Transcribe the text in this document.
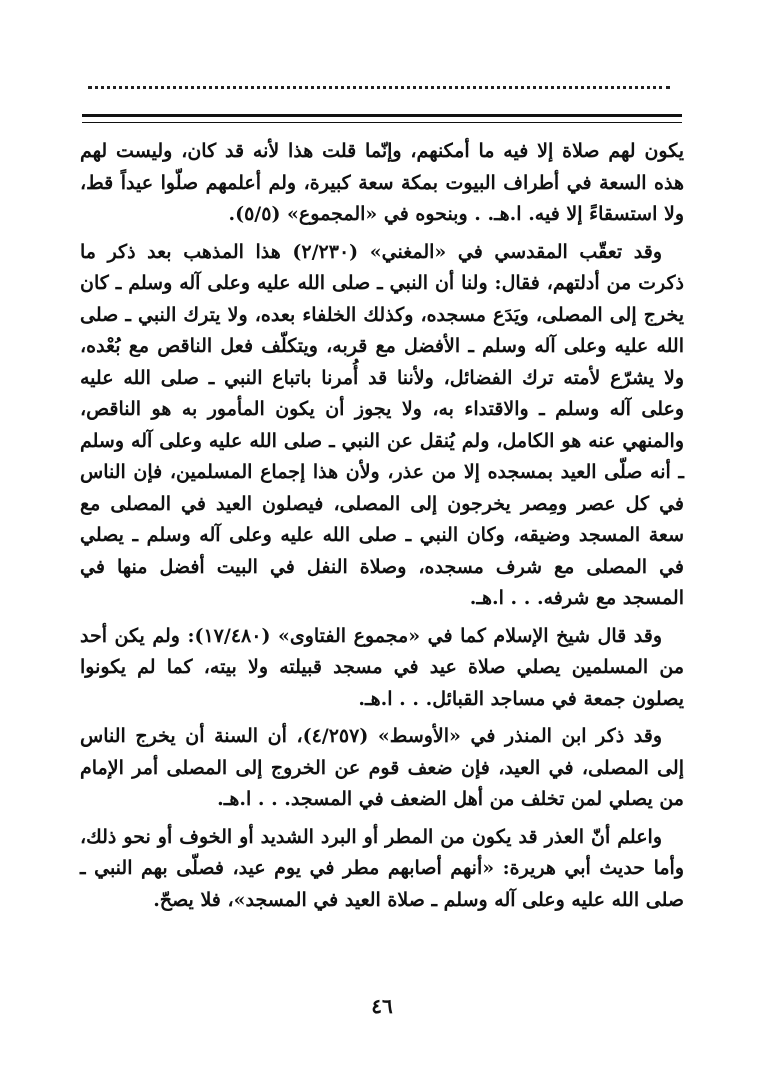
يكون لهم صلاة إلا فيه ما أمكنهم، وإنّما قلت هذا لأنه قد كان، وليست لهم هذه السعة في أطراف البيوت بمكة سعة كبيرة، ولم أعلمهم صلّوا عيداً قط، ولا استسقاءً إلا فيه. ا.هـ. . وبنحوه في «المجموع» (٥/٥).

وقد تعقّب المقدسي في «المغني» (٢/٢٣٠) هذا المذهب بعد ذكر ما ذكرت من أدلتهم، فقال: ولنا أن النبي ـ صلى الله عليه وعلى آله وسلم ـ كان يخرج إلى المصلى، ويَدَع مسجده، وكذلك الخلفاء بعده، ولا يترك النبي ـ صلى الله عليه وعلى آله وسلم ـ الأفضل مع قربه، ويتكلّف فعل الناقص مع بُعْده، ولا يشرّع لأمته ترك الفضائل، ولأننا قد أُمرنا باتباع النبي ـ صلى الله عليه وعلى آله وسلم ـ والاقتداء به، ولا يجوز أن يكون المأمور به هو الناقص، والمنهي عنه هو الكامل، ولم يُنقل عن النبي ـ صلى الله عليه وعلى آله وسلم ـ أنه صلّى العيد بمسجده إلا من عذر، ولأن هذا إجماع المسلمين، فإن الناس في كل عصر ومِصر يخرجون إلى المصلى، فيصلون العيد في المصلى مع سعة المسجد وضيقه، وكان النبي ـ صلى الله عليه وعلى آله وسلم ـ يصلي في المصلى مع شرف مسجده، وصلاة النفل في البيت أفضل منها في المسجد مع شرفه. . . ا.هـ.

وقد قال شيخ الإسلام كما في «مجموع الفتاوى» (١٧/٤٨٠): ولم يكن أحد من المسلمين يصلي صلاة عيد في مسجد قبيلته ولا بيته، كما لم يكونوا يصلون جمعة في مساجد القبائل. . . ا.هـ.

وقد ذكر ابن المنذر في «الأوسط» (٤/٢٥٧)، أن السنة أن يخرج الناس إلى المصلى، في العيد، فإن ضعف قوم عن الخروج إلى المصلى أمر الإمام من يصلي لمن تخلف من أهل الضعف في المسجد. . . ا.هـ.

واعلم أنّ العذر قد يكون من المطر أو البرد الشديد أو الخوف أو نحو ذلك، وأما حديث أبي هريرة: «أنهم أصابهم مطر في يوم عيد، فصلّى بهم النبي ـ صلى الله عليه وعلى آله وسلم ـ صلاة العيد في المسجد»، فلا يصحّ.

٤٦
